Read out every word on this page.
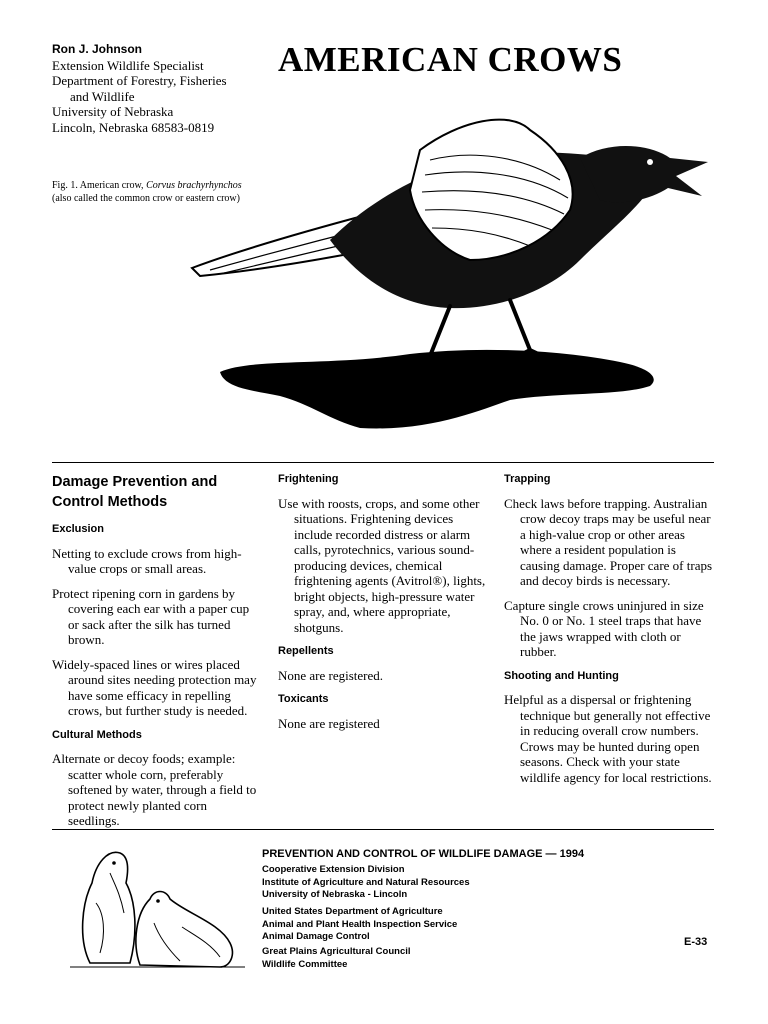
Ron J. Johnson
Extension Wildlife Specialist
Department of Forestry, Fisheries
and Wildlife
University of Nebraska
Lincoln, Nebraska 68583-0819
AMERICAN CROWS
Fig. 1. American crow, Corvus brachyrhynchos
(also called the common crow or eastern crow)
Damage Prevention and Control Methods
Exclusion
Netting to exclude crows from high-value crops or small areas.
Protect ripening corn in gardens by covering each ear with a paper cup or sack after the silk has turned brown.
Widely-spaced lines or wires placed around sites needing protection may have some efficacy in repelling crows, but further study is needed.
Cultural Methods
Alternate or decoy foods; example: scatter whole corn, preferably softened by water, through a field to protect newly planted corn seedlings.
Frightening
Use with roosts, crops, and some other situations. Frightening devices include recorded distress or alarm calls, pyrotechnics, various sound-producing devices, chemical frightening agents (Avitrol®), lights, bright objects, high-pressure water spray, and, where appropriate, shotguns.
Repellents
None are registered.
Toxicants
None are registered
Trapping
Check laws before trapping. Australian crow decoy traps may be useful near a high-value crop or other areas where a resident population is causing damage. Proper care of traps and decoy birds is necessary.
Capture single crows uninjured in size No. 0 or No. 1 steel traps that have the jaws wrapped with cloth or rubber.
Shooting and Hunting
Helpful as a dispersal or frightening technique but generally not effective in reducing overall crow numbers. Crows may be hunted during open seasons. Check with your state wildlife agency for local restrictions.
PREVENTION AND CONTROL OF WILDLIFE DAMAGE — 1994
Cooperative Extension Division
Institute of Agriculture and Natural Resources
University of Nebraska - Lincoln
United States Department of Agriculture
Animal and Plant Health Inspection Service
Animal Damage Control
Great Plains Agricultural Council
Wildlife Committee
E-33
